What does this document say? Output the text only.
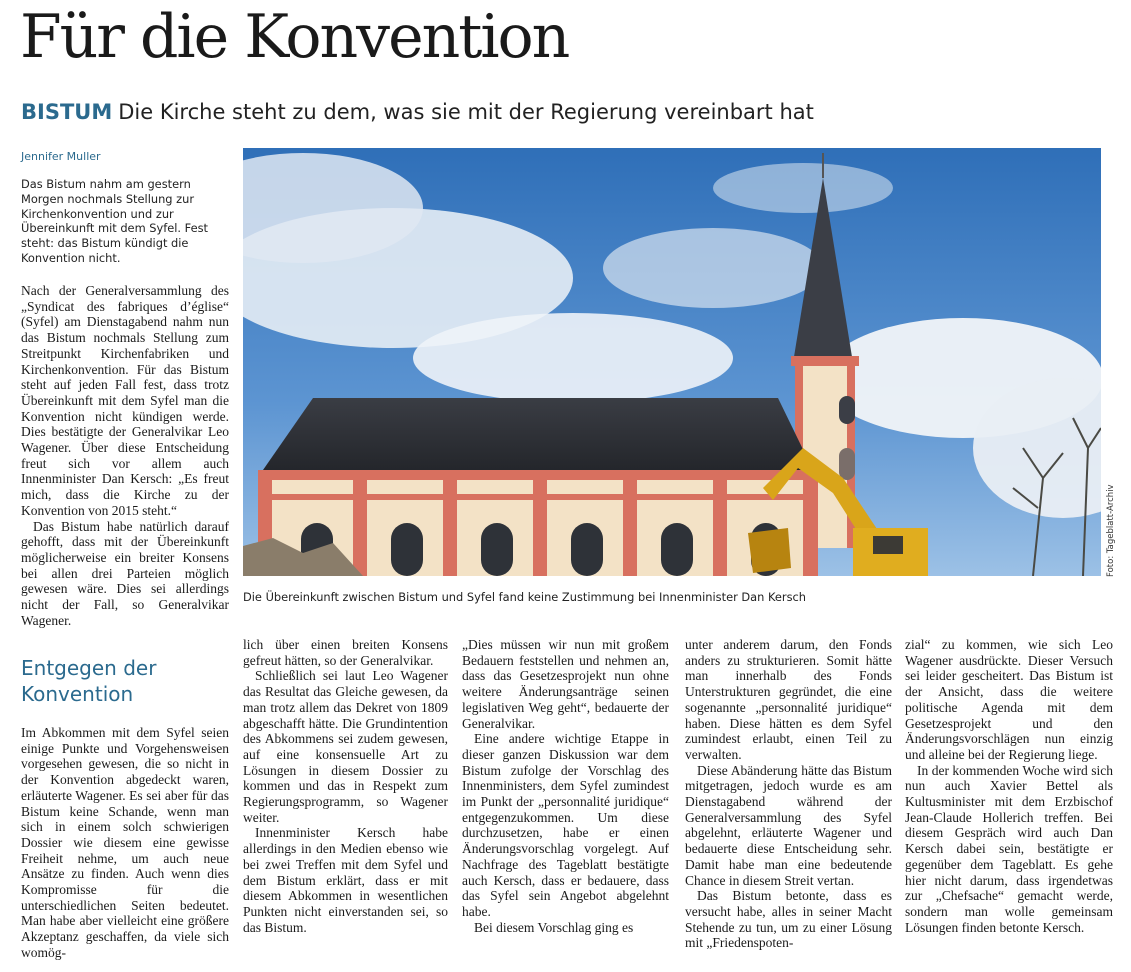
Für die Konvention
BISTUM Die Kirche steht zu dem, was sie mit der Regierung vereinbart hat
Jennifer Muller
Das Bistum nahm am gestern Morgen nochmals Stellung zur Kirchenkonvention und zur Übereinkunft mit dem Syfel. Fest steht: das Bistum kündigt die Konvention nicht.

Nach der Generalversammlung des „Syndicat des fabriques d’église“ (Syfel) am Dienstagabend nahm nun das Bistum nochmals Stellung zum Streitpunkt Kirchenfabriken und Kirchenkonvention. Für das Bistum steht auf jeden Fall fest, dass trotz Übereinkunft mit dem Syfel man die Konvention nicht kündigen werde. Dies bestätigte der Generalvikar Leo Wagener. Über diese Entscheidung freut sich vor allem auch Innenminister Dan Kersch: „Es freut mich, dass die Kirche zu der Konvention von 2015 steht.“

Das Bistum habe natürlich darauf gehofft, dass mit der Übereinkunft möglicherweise ein breiter Konsens bei allen drei Parteien möglich gewesen wäre. Dies sei allerdings nicht der Fall, so Generalvikar Wagener.

Entgegen der Konvention

Im Abkommen mit dem Syfel seien einige Punkte und Vorgehensweisen vorgesehen gewesen, die so nicht in der Konvention abgedeckt waren, erläuterte Wagener. Es sei aber für das Bistum keine Schande, wenn man sich in einem solch schwierigen Dossier wie diesem eine gewisse Freiheit nehme, um auch neue Ansätze zu finden. Auch wenn dies Kompromisse für die unterschiedlichen Seiten bedeutet. Man habe aber vielleicht eine größere Akzeptanz geschaffen, da viele sich womög-

Foto: Tageblatt-Archiv
Die Übereinkunft zwischen Bistum und Syfel fand keine Zustimmung bei Innenminister Dan Kersch

lich über einen breiten Konsens gefreut hätten, so der Generalvikar.

Schließlich sei laut Leo Wagener das Resultat das Gleiche gewesen, da man trotz allem das Dekret von 1809 abgeschafft hätte. Die Grundintention des Abkommens sei zudem gewesen, auf eine konsensuelle Art zu Lösungen in diesem Dossier zu kommen und das in Respekt zum Regierungsprogramm, so Wagener weiter.

Innenminister Kersch habe allerdings in den Medien ebenso wie bei zwei Treffen mit dem Syfel und dem Bistum erklärt, dass er mit diesem Abkommen in wesentlichen Punkten nicht einverstanden sei, so das Bistum.

„Dies müssen wir nun mit großem Bedauern feststellen und nehmen an, dass das Gesetzesprojekt nun ohne weitere Änderungsanträge seinen legislativen Weg geht“, bedauerte der Generalvikar.

Eine andere wichtige Etappe in dieser ganzen Diskussion war dem Bistum zufolge der Vorschlag des Innenministers, dem Syfel zumindest im Punkt der „personnalité juridique“ entgegenzukommen. Um diese durchzusetzen, habe er einen Änderungsvorschlag vorgelegt. Auf Nachfrage des Tageblatt bestätigte auch Kersch, dass er bedauere, dass das Syfel sein Angebot abgelehnt habe.

Bei diesem Vorschlag ging es

unter anderem darum, den Fonds anders zu strukturieren. Somit hätte man innerhalb des Fonds Unterstrukturen gegründet, die eine sogenannte „personnalité juridique“ haben. Diese hätten es dem Syfel zumindest erlaubt, einen Teil zu verwalten.

Diese Abänderung hätte das Bistum mitgetragen, jedoch wurde es am Dienstagabend während der Generalversammlung des Syfel abgelehnt, erläuterte Wagener und bedauerte diese Entscheidung sehr. Damit habe man eine bedeutende Chance in diesem Streit vertan.

Das Bistum betonte, dass es versucht habe, alles in seiner Macht Stehende zu tun, um zu einer Lösung mit „Friedenspoten-

zial“ zu kommen, wie sich Leo Wagener ausdrückte. Dieser Versuch sei leider gescheitert. Das Bistum ist der Ansicht, dass die weitere politische Agenda mit dem Gesetzesprojekt und den Änderungsvorschlägen nun einzig und alleine bei der Regierung liege.

In der kommenden Woche wird sich nun auch Xavier Bettel als Kultusminister mit dem Erzbischof Jean-Claude Hollerich treffen. Bei diesem Gespräch wird auch Dan Kersch dabei sein, bestätigte er gegenüber dem Tageblatt. Es gehe hier nicht darum, dass irgendetwas zur „Chefsache“ gemacht werde, sondern man wolle gemeinsam Lösungen finden betonte Kersch.
